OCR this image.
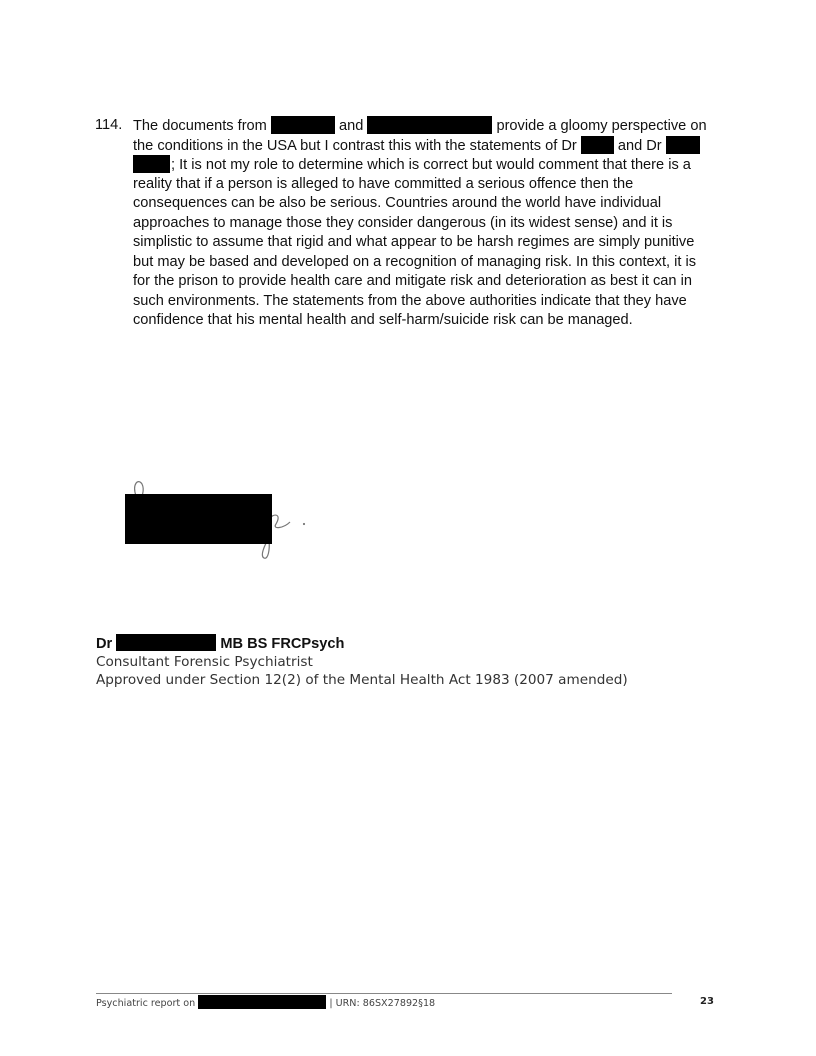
114. The documents from	and	provide a gloomy perspective on
the conditions in the USA but I contrast this with the statements of Dr	and Dr
; It is not my role to determine which is correct but would comment that there is a
reality that if a person is alleged to have committed a serious offence then the
consequences can be also be serious. Countries around the world have individual
approaches to manage those they consider dangerous (in its widest sense) and it is
simplistic to assume that rigid and what appear to be harsh regimes are simply punitive
but may be based and developed on a recognition of managing risk. In this context, it is
for the prison to provide health care and mitigate risk and deterioration as best it can in
such environments. The statements from the above authorities indicate that they have
confidence that his mental health and self-harm/suicide risk can be managed.
Dr	MB BS FRCPsych
Consultant Forensic Psychiatrist
Approved under Section 12(2) of the Mental Health Act 1983 (2007 amended)
Psychiatric report on	| URN: 86SX27892§18	23
